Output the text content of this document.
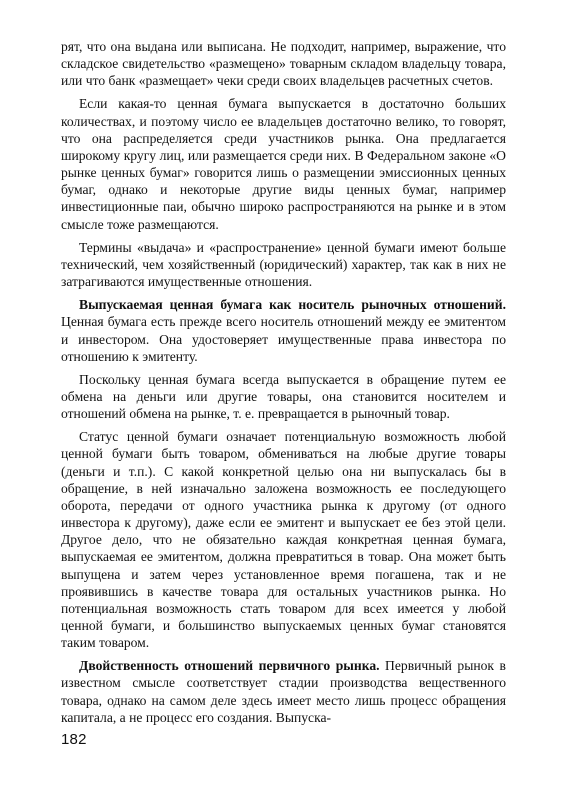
рят, что она выдана или выписана. Не подходит, например, выражение, что складское свидетельство «размещено» товарным складом владельцу товара, или что банк «размещает» чеки среди своих владельцев расчетных счетов.

Если какая-то ценная бумага выпускается в достаточно больших количествах, и поэтому число ее владельцев достаточно велико, то говорят, что она распределяется среди участников рынка. Она предлагается широкому кругу лиц, или размещается среди них. В Федеральном законе «О рынке ценных бумаг» говорится лишь о размещении эмиссионных ценных бумаг, однако и некоторые другие виды ценных бумаг, например инвестиционные паи, обычно широко распространяются на рынке и в этом смысле тоже размещаются.

Термины «выдача» и «распространение» ценной бумаги имеют больше технический, чем хозяйственный (юридический) характер, так как в них не затрагиваются имущественные отношения.

Выпускаемая ценная бумага как носитель рыночных отношений. Ценная бумага есть прежде всего носитель отношений между ее эмитентом и инвестором. Она удостоверяет имущественные права инвестора по отношению к эмитенту.

Поскольку ценная бумага всегда выпускается в обращение путем ее обмена на деньги или другие товары, она становится носителем и отношений обмена на рынке, т. е. превращается в рыночный товар.

Статус ценной бумаги означает потенциальную возможность любой ценной бумаги быть товаром, обмениваться на любые другие товары (деньги и т.п.). С какой конкретной целью она ни выпускалась бы в обращение, в ней изначально заложена возможность ее последующего оборота, передачи от одного участника рынка к другому (от одного инвестора к другому), даже если ее эмитент и выпускает ее без этой цели. Другое дело, что не обязательно каждая конкретная ценная бумага, выпускаемая ее эмитентом, должна превратиться в товар. Она может быть выпущена и затем через установленное время погашена, так и не проявившись в качестве товара для остальных участников рынка. Но потенциальная возможность стать товаром для всех имеется у любой ценной бумаги, и большинство выпускаемых ценных бумаг становятся таким товаром.

Двойственность отношений первичного рынка. Первичный рынок в известном смысле соответствует стадии производства вещественного товара, однако на самом деле здесь имеет место лишь процесс обращения капитала, а не процесс его создания. Выпуска-

182
